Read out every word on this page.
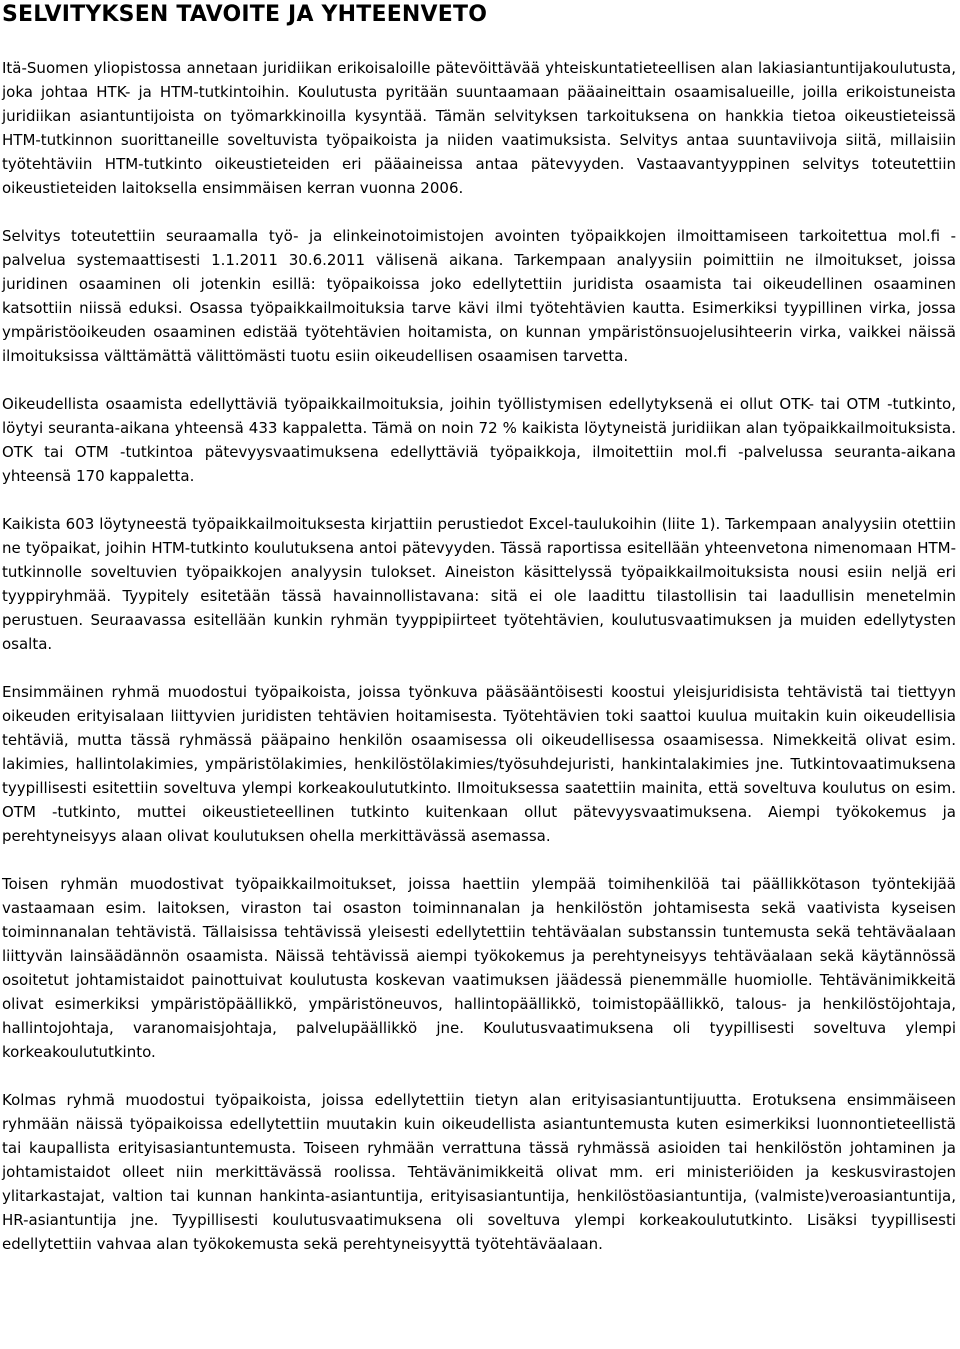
SELVITYKSEN TAVOITE JA YHTEENVETO

Itä-Suomen yliopistossa annetaan juridiikan erikoisaloille pätevöittävää yhteiskuntatieteellisen alan lakiasiantuntijakoulutusta, joka johtaa HTK- ja HTM-tutkintoihin. Koulutusta pyritään suuntaamaan pääaineittain osaamisalueille, joilla erikoistuneista juridiikan asiantuntijoista on työmarkkinoilla kysyntää. Tämän selvityksen tarkoituksena on hankkia tietoa oikeustieteissä HTM-tutkinnon suorittaneille soveltuvista työpaikoista ja niiden vaatimuksista. Selvitys antaa suuntaviivoja siitä, millaisiin työtehtäviin HTM-tutkinto oikeustieteiden eri pääaineissa antaa pätevyyden. Vastaavantyyppinen selvitys toteutettiin oikeustieteiden laitoksella ensimmäisen kerran vuonna 2006.

Selvitys toteutettiin seuraamalla työ- ja elinkeinotoimistojen avointen työpaikkojen ilmoittamiseen tarkoitettua mol.fi -palvelua systemaattisesti 1.1.2011 30.6.2011 välisenä aikana. Tarkempaan analyysiin poimittiin ne ilmoitukset, joissa juridinen osaaminen oli jotenkin esillä: työpaikoissa joko edellytettiin juridista osaamista tai oikeudellinen osaaminen katsottiin niissä eduksi. Osassa työpaikkailmoituksia tarve kävi ilmi työtehtävien kautta. Esimerkiksi tyypillinen virka, jossa ympäristöoikeuden osaaminen edistää työtehtävien hoitamista, on kunnan ympäristönsuojelusihteerin virka, vaikkei näissä ilmoituksissa välttämättä välittömästi tuotu esiin oikeudellisen osaamisen tarvetta.

Oikeudellista osaamista edellyttäviä työpaikkailmoituksia, joihin työllistymisen edellytyksenä ei ollut OTK- tai OTM -tutkinto, löytyi seuranta-aikana yhteensä 433 kappaletta. Tämä on noin 72 % kaikista löytyneistä juridiikan alan työpaikkailmoituksista. OTK tai OTM -tutkintoa pätevyysvaatimuksena edellyttäviä työpaikkoja, ilmoitettiin mol.fi -palvelussa seuranta-aikana yhteensä 170 kappaletta.

Kaikista 603 löytyneestä työpaikkailmoituksesta kirjattiin perustiedot Excel-taulukoihin (liite 1). Tarkempaan analyysiin otettiin ne työpaikat, joihin HTM-tutkinto koulutuksena antoi pätevyyden. Tässä raportissa esitellään yhteenvetona nimenomaan HTM-tutkinnolle soveltuvien työpaikkojen analyysin tulokset. Aineiston käsittelyssä työpaikkailmoituksista nousi esiin neljä eri tyyppiryhmää. Tyypitely esitetään tässä havainnollistavana: sitä ei ole laadittu tilastollisin tai laadullisin menetelmin perustuen. Seuraavassa esitellään kunkin ryhmän tyyppipiirteet työtehtävien, koulutusvaatimuksen ja muiden edellytysten osalta.

Ensimmäinen ryhmä muodostui työpaikoista, joissa työnkuva pääsääntöisesti koostui yleisjuridisista tehtävistä tai tiettyyn oikeuden erityisalaan liittyvien juridisten tehtävien hoitamisesta. Työtehtävien toki saattoi kuulua muitakin kuin oikeudellisia tehtäviä, mutta tässä ryhmässä pääpaino henkilön osaamisessa oli oikeudellisessa osaamisessa. Nimekkeitä olivat esim. lakimies, hallintolakimies, ympäristölakimies, henkilöstölakimies/työsuhdejuristi, hankintalakimies jne. Tutkintovaatimuksena tyypillisesti esitettiin soveltuva ylempi korkeakoulututkinto. Ilmoituksessa saatettiin mainita, että soveltuva koulutus on esim. OTM -tutkinto, muttei oikeustieteellinen tutkinto kuitenkaan ollut pätevyysvaatimuksena. Aiempi työkokemus ja perehtyneisyys alaan olivat koulutuksen ohella merkittävässä asemassa.

Toisen ryhmän muodostivat työpaikkailmoitukset, joissa haettiin ylempää toimihenkilöä tai päällikkötason työntekijää vastaamaan esim. laitoksen, viraston tai osaston toiminnanalan ja henkilöstön johtamisesta sekä vaativista kyseisen toiminnanalan tehtävistä. Tällaisissa tehtävissä yleisesti edellytettiin tehtäväalan substanssin tuntemusta sekä tehtäväalaan liittyvän lainsäädännön osaamista. Näissä tehtävissä aiempi työkokemus ja perehtyneisyys tehtäväalaan sekä käytännössä osoitetut johtamistaidot painottuivat koulutusta koskevan vaatimuksen jäädessä pienemmälle huomiolle. Tehtävänimikkeitä olivat esimerkiksi ympäristöpäällikkö, ympäristöneuvos, hallintopäällikkö, toimistopäällikkö, talous- ja henkilöstöjohtaja, hallintojohtaja, varanomaisjohtaja, palvelupäällikkö jne. Koulutusvaatimuksena oli tyypillisesti soveltuva ylempi korkeakoulututkinto.

Kolmas ryhmä muodostui työpaikoista, joissa edellytettiin tietyn alan erityisasiantuntijuutta. Erotuksena ensimmäiseen ryhmään näissä työpaikoissa edellytettiin muutakin kuin oikeudellista asiantuntemusta kuten esimerkiksi luonnontieteellistä tai kaupallista erityisasiantuntemusta. Toiseen ryhmään verrattuna tässä ryhmässä asioiden tai henkilöstön johtaminen ja johtamistaidot olleet niin merkittävässä roolissa. Tehtävänimikkeitä olivat mm. eri ministeriöiden ja keskusvirastojen ylitarkastajat, valtion tai kunnan hankinta-asiantuntija, erityisasiantuntija, henkilöstöasiantuntija, (valmiste)veroasiantuntija, HR-asiantuntija jne. Tyypillisesti koulutusvaatimuksena oli soveltuva ylempi korkeakoulututkinto. Lisäksi tyypillisesti edellytettiin vahvaa alan työkokemusta sekä perehtyneisyyttä työtehtäväalaan.
